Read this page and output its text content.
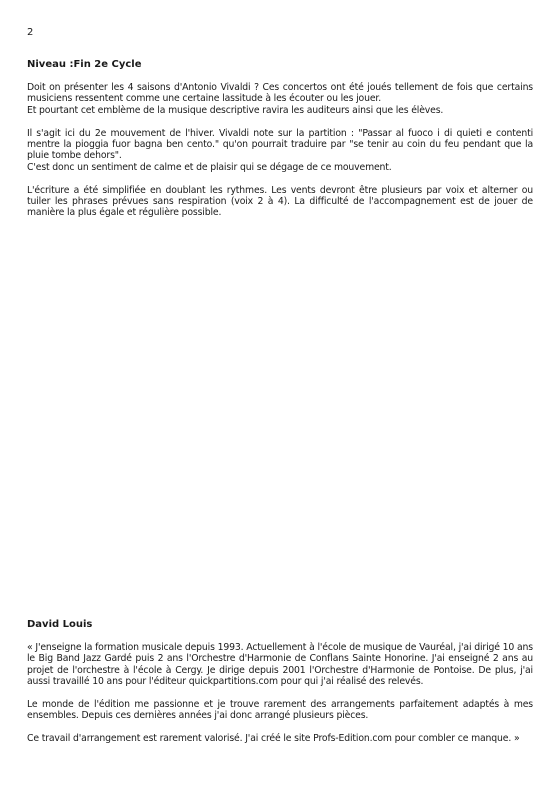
2
Niveau :Fin 2e Cycle

Doit on présenter les 4 saisons d'Antonio Vivaldi ? Ces concertos ont été joués tellement de fois que certains musiciens ressentent comme une certaine lassitude à les écouter ou les jouer.
Et pourtant cet emblème de la musique descriptive ravira les auditeurs ainsi que les élèves.

Il s'agit ici du 2e mouvement de l'hiver. Vivaldi note sur la partition : "Passar al fuoco i di quieti e contenti mentre la pioggia fuor bagna ben cento." qu'on pourrait traduire par "se tenir au coin du feu pendant que la pluie tombe dehors".
C'est donc un sentiment de calme et de plaisir qui se dégage de ce mouvement.

L'écriture a été simplifiée en doublant les rythmes. Les vents devront être plusieurs par voix et alterner ou tuiler les phrases prévues sans respiration (voix 2 à 4). La difficulté de l'accompagnement est de jouer de manière la plus égale et régulière possible.

David Louis

« J'enseigne la formation musicale depuis 1993. Actuellement à l'école de musique de Vauréal, j'ai dirigé 10 ans le Big Band Jazz Gardé puis 2 ans l'Orchestre d'Harmonie de Conflans Sainte Honorine. J'ai enseigné 2 ans au projet de l'orchestre à l'école à Cergy. Je dirige depuis 2001 l'Orchestre d'Harmonie de Pontoise. De plus, j'ai aussi travaillé 10 ans pour l'éditeur quickpartitions.com pour qui j'ai réalisé des relevés.

Le monde de l'édition me passionne et je trouve rarement des arrangements parfaitement adaptés à mes ensembles. Depuis ces dernières années j'ai donc arrangé plusieurs pièces.

Ce travail d'arrangement est rarement valorisé. J'ai créé le site Profs-Edition.com pour combler ce manque. »
